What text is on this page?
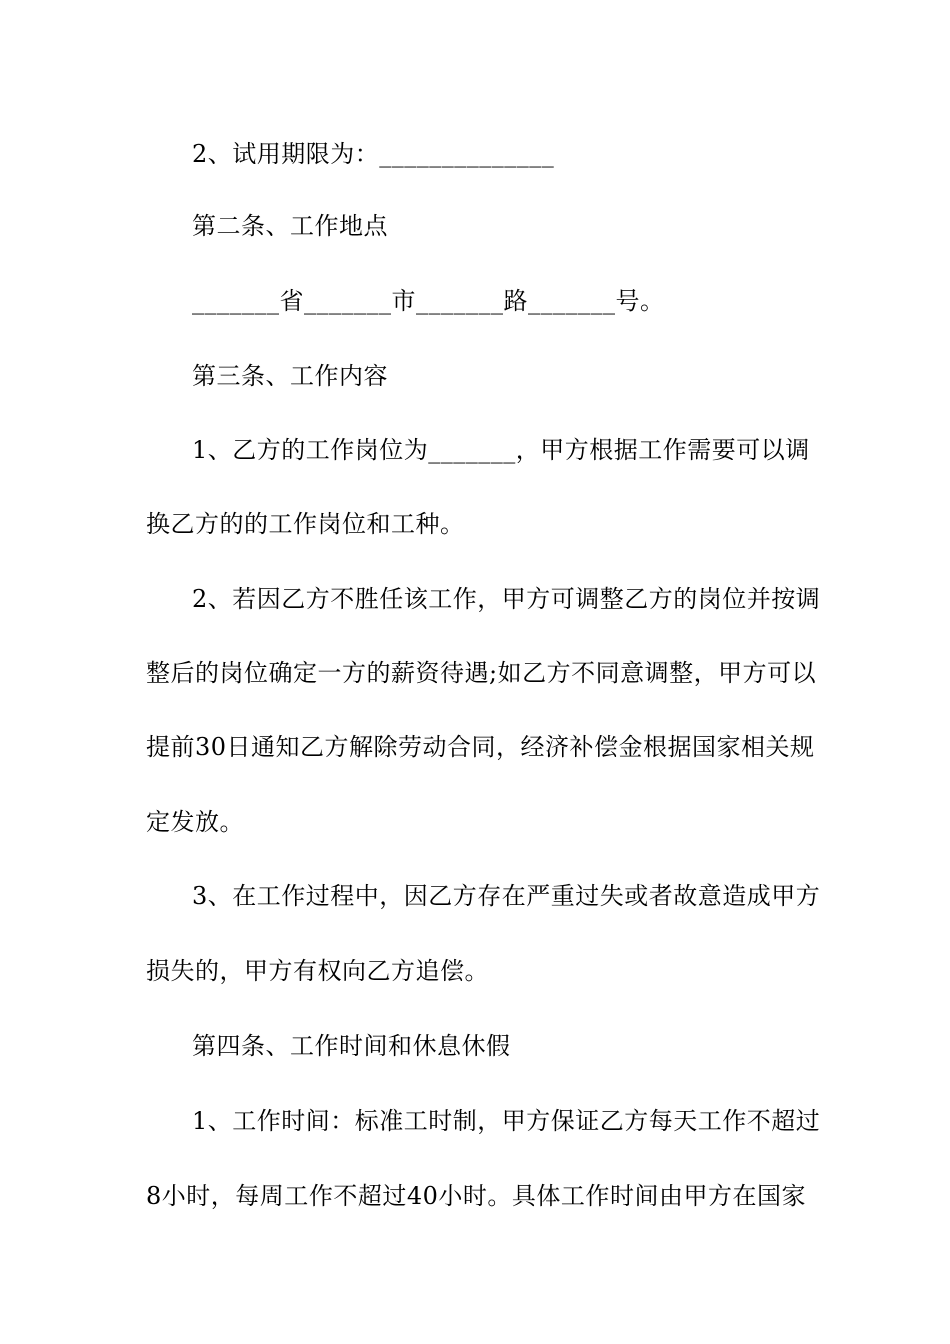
2、试用期限为：______________
第二条、工作地点
_______省_______市_______路_______号。
第三条、工作内容
1、乙方的工作岗位为_______，甲方根据工作需要可以调
换乙方的的工作岗位和工种。
2、若因乙方不胜任该工作，甲方可调整乙方的岗位并按调
整后的岗位确定一方的薪资待遇;如乙方不同意调整，甲方可以
提前30日通知乙方解除劳动合同，经济补偿金根据国家相关规
定发放。
3、在工作过程中，因乙方存在严重过失或者故意造成甲方
损失的，甲方有权向乙方追偿。
第四条、工作时间和休息休假
1、工作时间：标准工时制，甲方保证乙方每天工作不超过
8小时，每周工作不超过40小时。具体工作时间由甲方在国家
